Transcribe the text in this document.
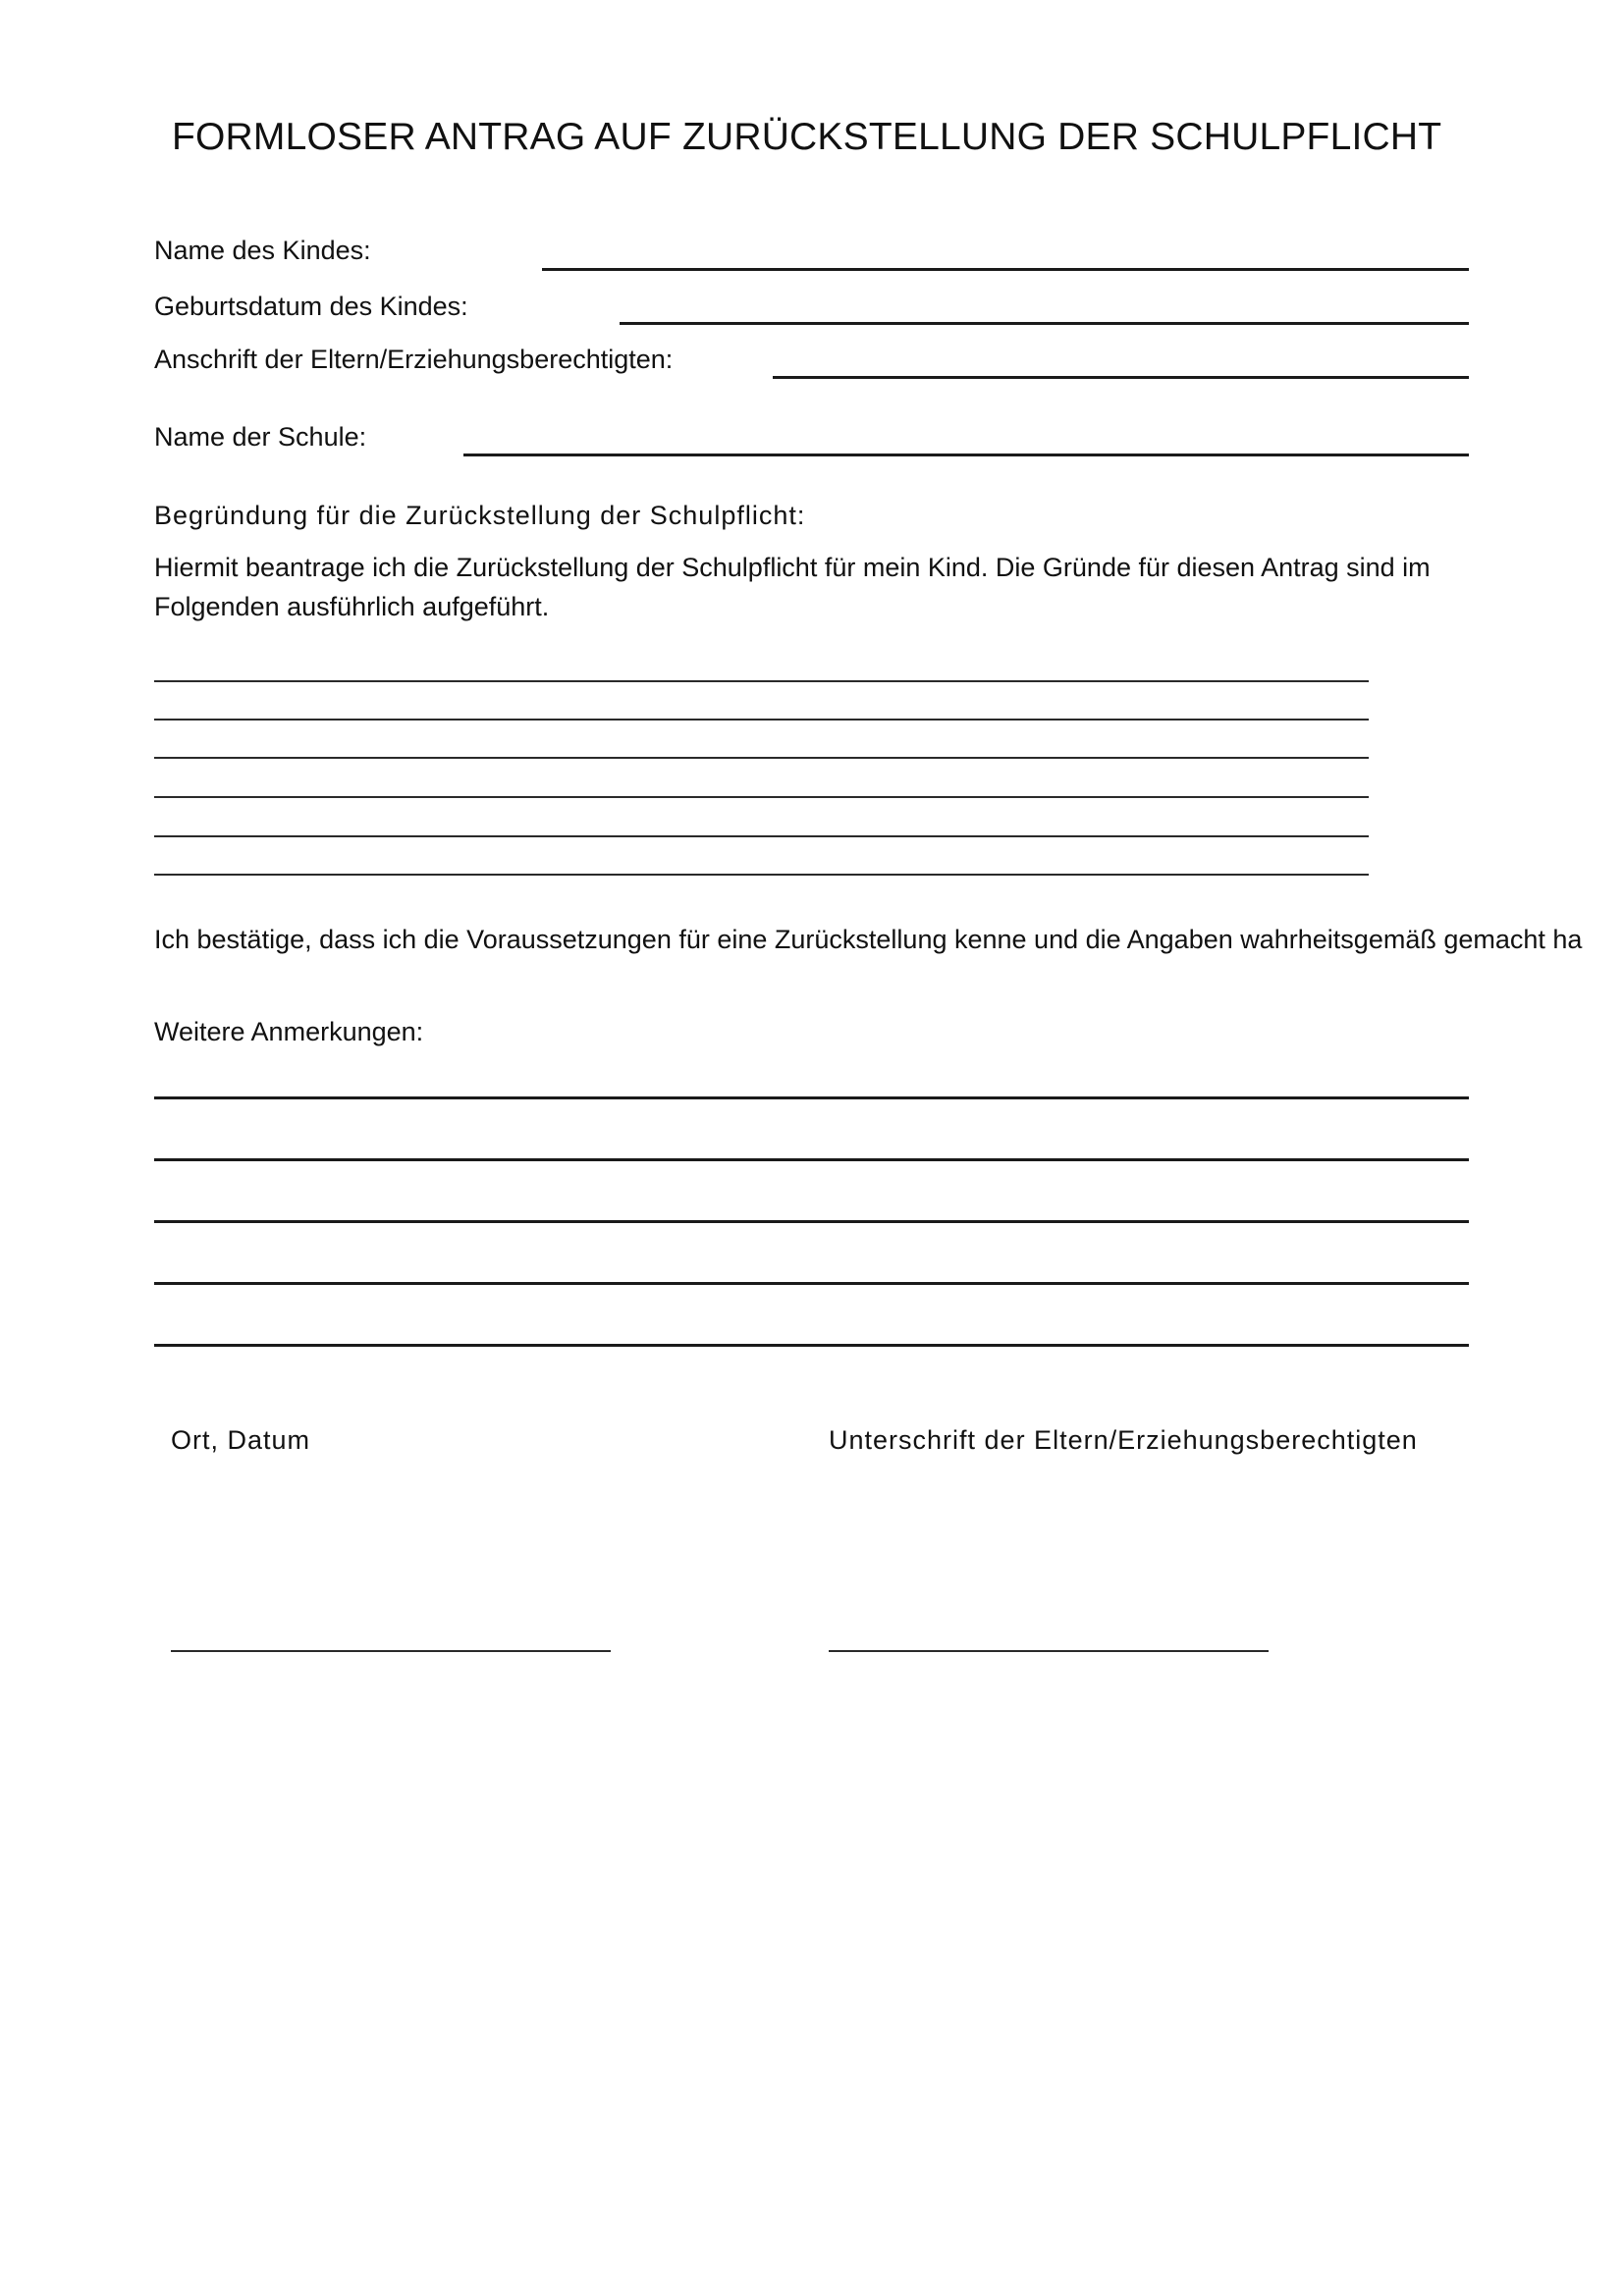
FORMLOSER ANTRAG AUF ZURÜCKSTELLUNG DER SCHULPFLICHT
Name des Kindes:
Geburtsdatum des Kindes:
Anschrift der Eltern/Erziehungsberechtigten:
Name der Schule:
Begründung für die Zurückstellung der Schulpflicht:
Hiermit beantrage ich die Zurückstellung der Schulpflicht für mein Kind. Die Gründe für diesen Antrag sind im Folgenden ausführlich aufgeführt.
Ich bestätige, dass ich die Voraussetzungen für eine Zurückstellung kenne und die Angaben wahrheitsgemäß gemacht ha
Weitere Anmerkungen:
Ort, Datum	Unterschrift der Eltern/Erziehungsberechtigten
